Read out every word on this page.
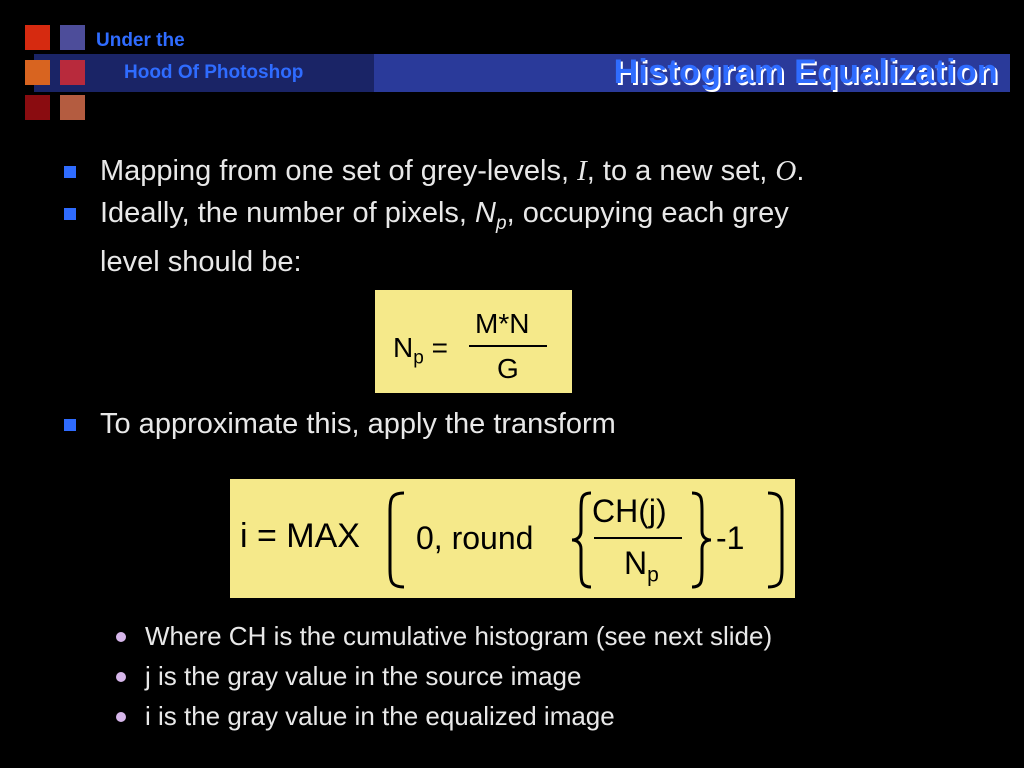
Under the
Hood Of Photoshop	Histogram Equalization
Mapping from one set of grey-levels, I, to a new set, O.
Ideally, the number of pixels, $N_p$, occupying each grey
level should be:
$N_p$ =
M*N
G
To approximate this, apply the transform
i = MAX 0, round
CH(j)
$N_p$
-1
Where CH is the cumulative histogram (see next slide)
j is the gray value in the source image
i is the gray value in the equalized image
